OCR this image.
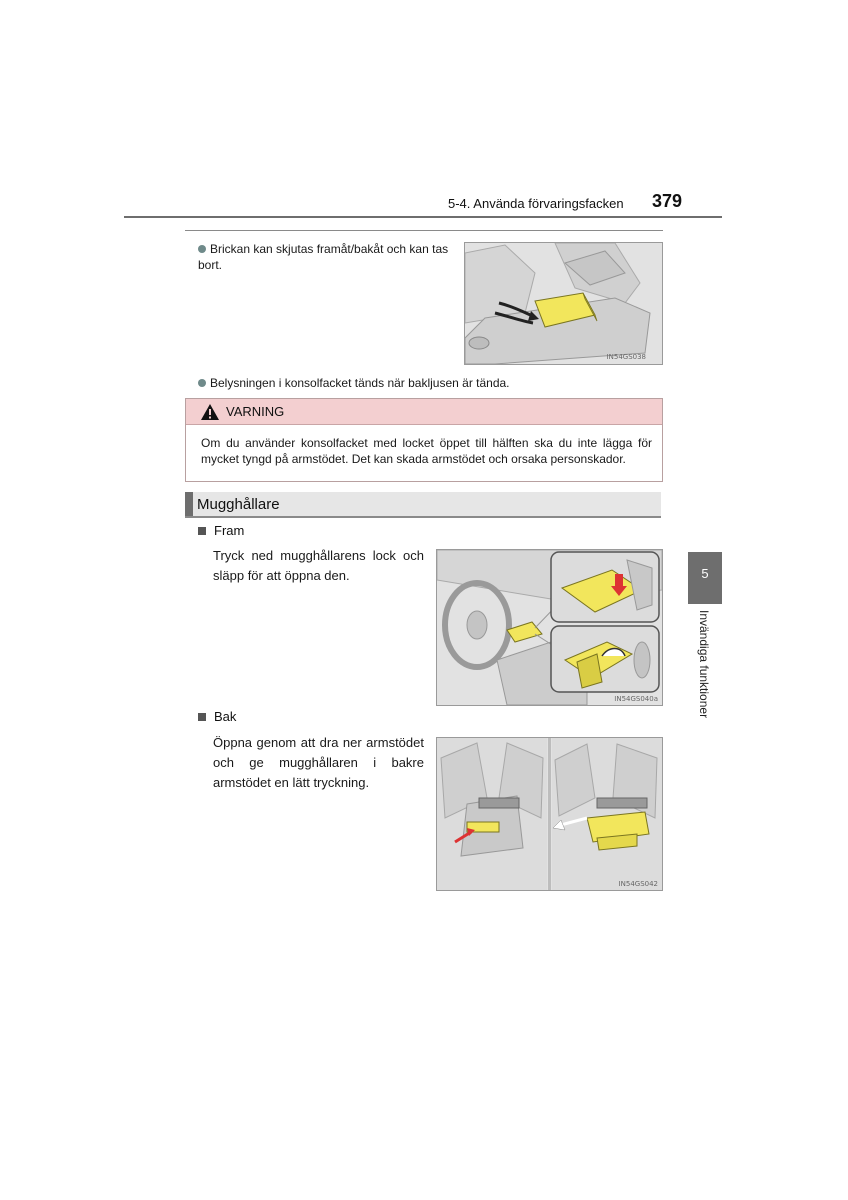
5-4. Använda förvaringsfacken 379
Brickan kan skjutas framåt/bakåt och kan tas bort.
IN54GS038
Belysningen i konsolfacket tänds när bakljusen är tända.
VARNING
Om du använder konsolfacket med locket öppet till hälften ska du inte lägga för mycket tyngd på armstödet. Det kan skada armstödet och orsaka personskador.
Mugghållare
Fram
Tryck ned mugghållarens lock och släpp för att öppna den.
IN54GS040a
Bak
Öppna genom att dra ner armstödet och ge mugghållaren i bakre armstödet en lätt tryckning.
IN54GS042
5
Invändiga funktioner
